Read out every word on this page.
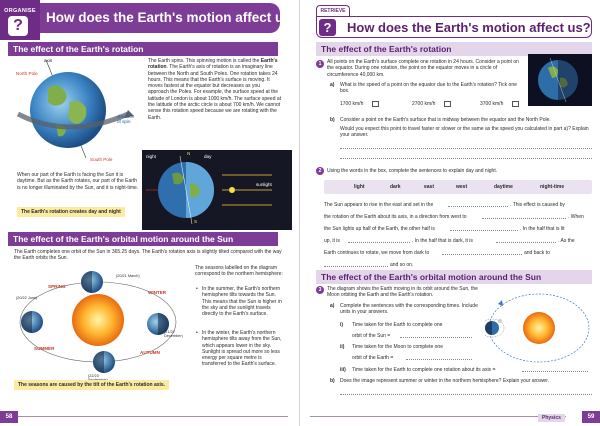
ORGANISE
?	How does the Earth's motion affect us?
The effect of the Earth's rotation
axis
North Pole
South Pole
direction
of spin
The Earth spins. This spinning motion is called the Earth's rotation. The Earth's axis of rotation is an imaginary line between the North and South Poles. One rotation takes 24 hours. This means that the Earth's surface is moving. It moves fastest at the equator but decreases as you approach the Poles. For example, the surface speed at the latitude of London is about 1000 km/h. The surface speed at the latitude of the arctic circle is about 700 km/h. We cannot sense this rotation speed because we are rotating with the Earth.
When our part of the Earth is facing the Sun it is daytime. But as the Earth rotates, our part of the Earth is no longer illuminated by the Sun, and it is night-time.
The Earth's rotation creates day and night
night	day
sunlight
N
S
The effect of the Earth's orbital motion around the Sun
The Earth completes one orbit of the Sun in 365.25 days. The Earth's rotation axis is slightly tilted compared with the way the Earth orbits the Sun.
SPRING
WINTER
SUMMER
AUTUMN
(20/21 March)
(20/22 June)
(21/22
December)
(22/23

The seasons labelled on the diagram correspond to the northern hemisphere:
• In the summer, the Earth's northern hemisphere tilts towards the Sun. This means that the Sun is higher in the sky and the sunlight travels directly to the Earth's surface.
• In the winter, the Earth's northern hemisphere tilts away from the Sun, which appears lower in the sky. Sunlight is spread out more so less energy per square metre is transferred to the Earth's surface.
The seasons are caused by the tilt of the Earth's rotation axis.
58
RETRIEVE
How does the Earth's motion affect us?
?
The effect of the Earth's rotation
1	All points on the Earth's surface complete one rotation in 24 hours. Consider a point on the equator. During one rotation, the point on the equator moves in a circle of circumference 40,000 km.
a) What is the speed of a point on the equator due to the Earth's rotation? Tick one box.
1700 km/h	2700 km/h	3700 km/h
b) Consider a point on the Earth's surface that is midway between the equator and the North Pole.
Would you expect this point to travel faster or slower or the same as the speed you calculated in part a)? Explain your answer.
2	Using the words in the box, complete the sentences to explain day and night.
light	dark	east	west	daytime	night-time
The Sun appears to rise in the east and set in the	. This effect is caused by
the rotation of the Earth about its axis, in a direction from west to	. When
the Sun lights up half of the Earth, the other half is	. In the half that is lit
up, it is	. In the half that is dark, it is	. As the
Earth continues to rotate, we move from dark to	and back to
and so on.
The effect of the Earth's orbital motion around the Sun
3	The diagram shows the Earth moving in its orbit around the Sun, the Moon orbiting the Earth and the Earth's rotation.
a) Complete the sentences with the corresponding times. Include units in your answers.
i) Time taken for the Earth to complete one
orbit of the Sun =
ii) Time taken for the Moon to complete one
orbit of the Earth =
iii) Time taken for the Earth to complete one rotation about its axis =
b) Does the image represent summer or winter in the northern hemisphere? Explain your answer.
Physics	59
